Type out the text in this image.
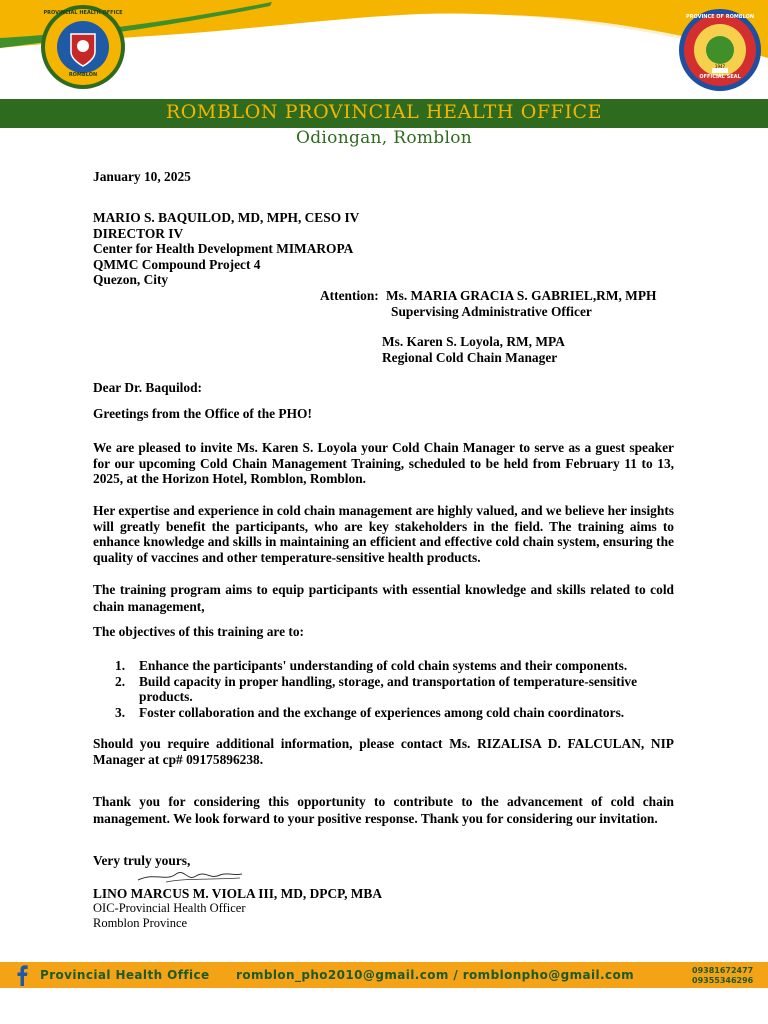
PROVINCIAL HEALTH OFFICE
ROMBLON
PROVINCE OF ROMBLON
OFFICIAL SEAL
1947
ROMBLON PROVINCIAL HEALTH OFFICE
Odiongan, Romblon
January 10, 2025
MARIO S. BAQUILOD, MD, MPH, CESO IV
DIRECTOR IV
Center for Health Development MIMAROPA
QMMC Compound Project 4
Quezon, City
Attention: Ms. MARIA GRACIA S. GABRIEL,RM, MPH
Supervising Administrative Officer
Ms. Karen S. Loyola, RM, MPA
Regional Cold Chain Manager
Dear Dr. Baquilod:
Greetings from the Office of the PHO!
We are pleased to invite Ms. Karen S. Loyola your Cold Chain Manager to serve as a guest speaker for our upcoming Cold Chain Management Training, scheduled to be held from February 11 to 13, 2025, at the Horizon Hotel, Romblon, Romblon.
Her expertise and experience in cold chain management are highly valued, and we believe her insights will greatly benefit the participants, who are key stakeholders in the field. The training aims to enhance knowledge and skills in maintaining an efficient and effective cold chain system, ensuring the quality of vaccines and other temperature-sensitive health products.
The training program aims to equip participants with essential knowledge and skills related to cold chain management,
The objectives of this training are to:
1. Enhance the participants' understanding of cold chain systems and their components.
2. Build capacity in proper handling, storage, and transportation of temperature-sensitive products.
3. Foster collaboration and the exchange of experiences among cold chain coordinators.
Should you require additional information, please contact Ms. RIZALISA D. FALCULAN, NIP Manager at cp# 09175896238.
Thank you for considering this opportunity to contribute to the advancement of cold chain management. We look forward to your positive response. Thank you for considering our invitation.
Very truly yours,
LINO MARCUS M. VIOLA III, MD, DPCP, MBA
OIC-Provincial Health Officer
Romblon Province
Provincial Health Office romblon_pho2010@gmail.com / romblonpho@gmail.com	09381672477
09355346296
